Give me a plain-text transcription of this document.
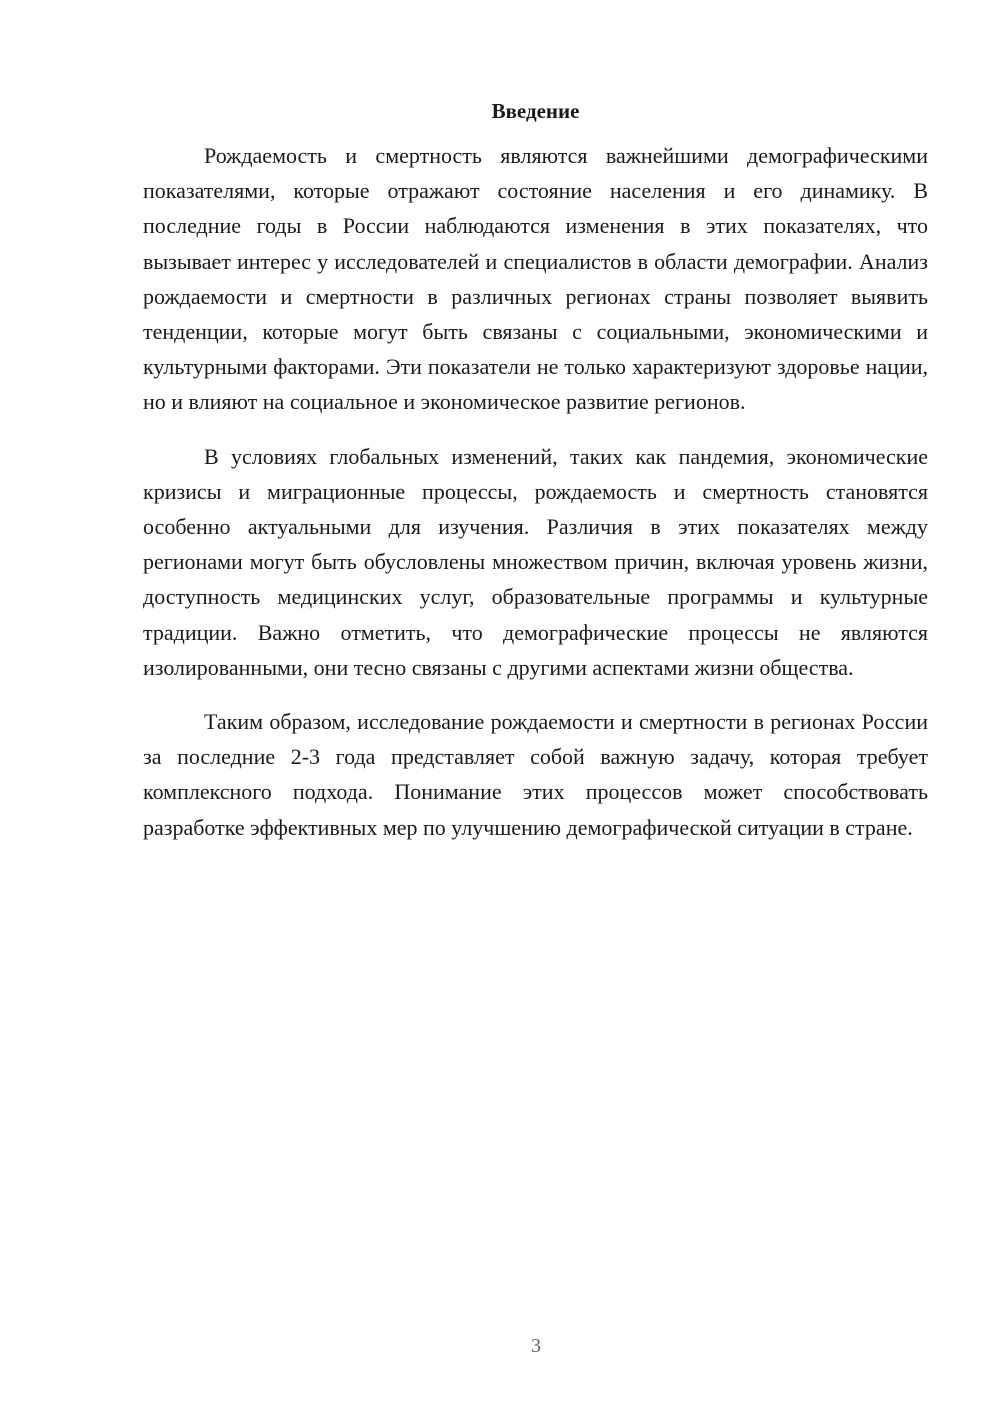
Введение

Рождаемость и смертность являются важнейшими демографическими показателями, которые отражают состояние населения и его динамику. В последние годы в России наблюдаются изменения в этих показателях, что вызывает интерес у исследователей и специалистов в области демографии. Анализ рождаемости и смертности в различных регионах страны позволяет выявить тенденции, которые могут быть связаны с социальными, экономическими и культурными факторами. Эти показатели не только характеризуют здоровье нации, но и влияют на социальное и экономическое развитие регионов.

В условиях глобальных изменений, таких как пандемия, экономические кризисы и миграционные процессы, рождаемость и смертность становятся особенно актуальными для изучения. Различия в этих показателях между регионами могут быть обусловлены множеством причин, включая уровень жизни, доступность медицинских услуг, образовательные программы и культурные традиции. Важно отметить, что демографические процессы не являются изолированными, они тесно связаны с другими аспектами жизни общества.

Таким образом, исследование рождаемости и смертности в регионах России за последние 2-3 года представляет собой важную задачу, которая требует комплексного подхода. Понимание этих процессов может способствовать разработке эффективных мер по улучшению демографической ситуации в стране.

3
